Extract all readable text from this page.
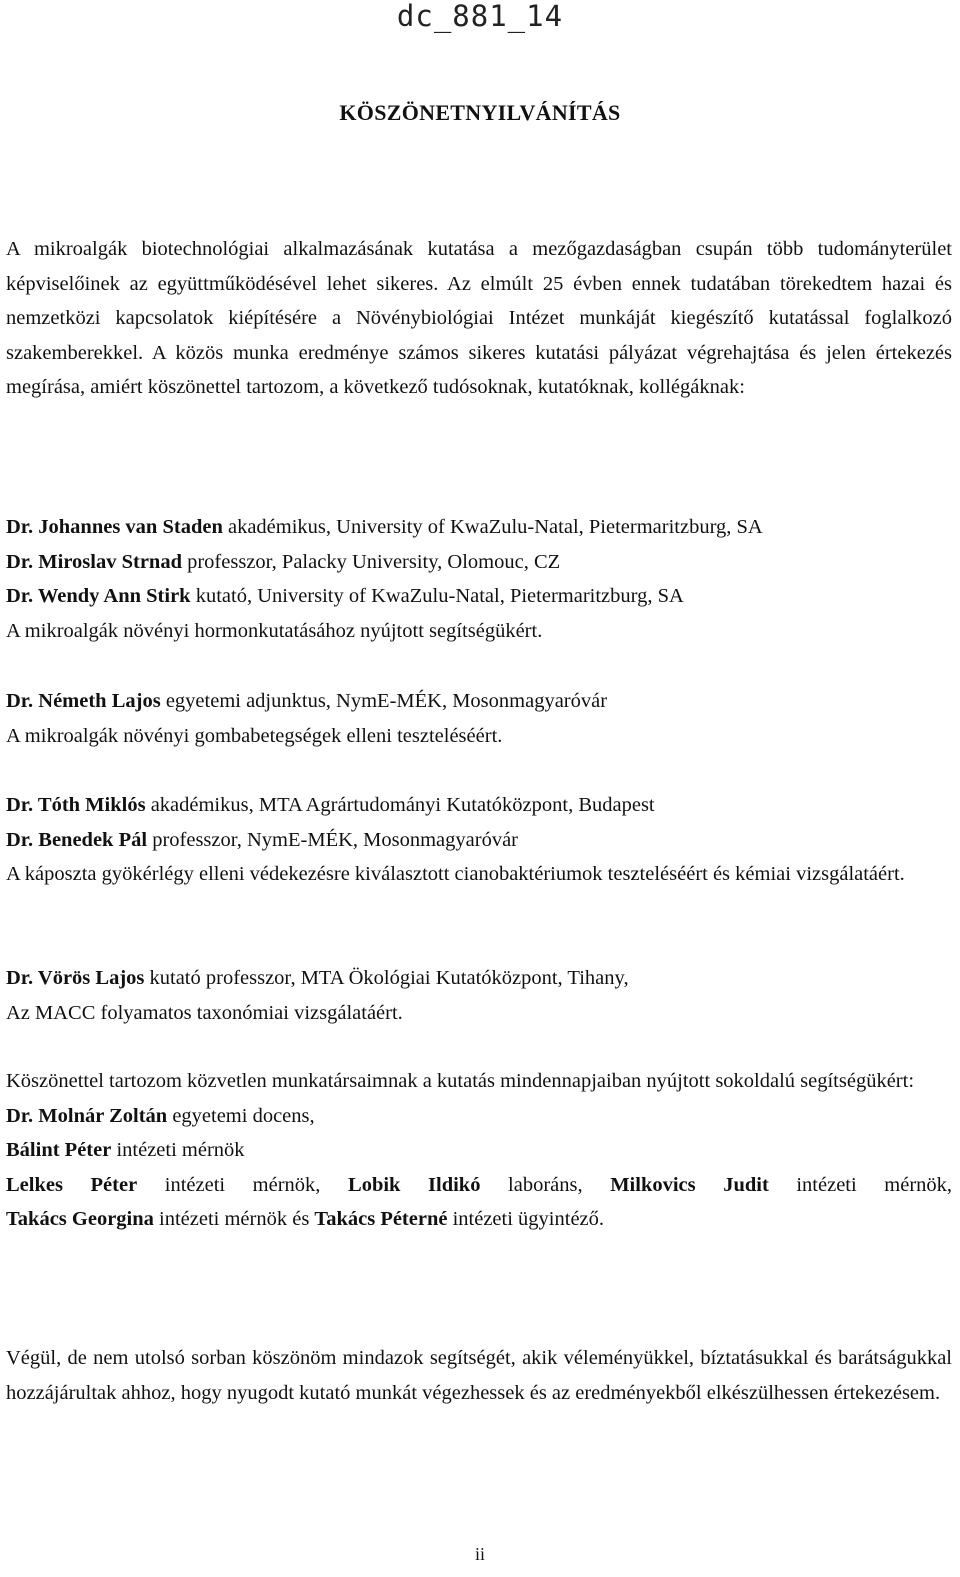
dc_881_14
KÖSZÖNETNYILVÁNÍTÁS

A mikroalgák biotechnológiai alkalmazásának kutatása a mezőgazdaságban csupán több tudományterület képviselőinek az együttműködésével lehet sikeres. Az elmúlt 25 évben ennek tudatában törekedtem hazai és nemzetközi kapcsolatok kiépítésére a Növénybiológiai Intézet munkáját kiegészítő kutatással foglalkozó szakemberekkel. A közös munka eredménye számos sikeres kutatási pályázat végrehajtása és jelen értekezés megírása, amiért köszönettel tartozom, a következő tudósoknak, kutatóknak, kollégáknak:

Dr. Johannes van Staden akadémikus, University of KwaZulu-Natal, Pietermaritzburg, SA
Dr. Miroslav Strnad professzor, Palacky University, Olomouc, CZ
Dr. Wendy Ann Stirk kutató, University of KwaZulu-Natal, Pietermaritzburg, SA
A mikroalgák növényi hormonkutatásához nyújtott segítségükért.
Dr. Németh Lajos egyetemi adjunktus, NymE-MÉK, Mosonmagyaróvár
A mikroalgák növényi gombabetegségek elleni teszteléséért.
Dr. Tóth Miklós akadémikus, MTA Agrártudományi Kutatóközpont, Budapest
Dr. Benedek Pál professzor, NymE-MÉK, Mosonmagyaróvár
A káposzta gyökérlégy elleni védekezésre kiválasztott cianobaktériumok teszteléséért és kémiai vizsgálatáért.
Dr. Vörös Lajos kutató professzor, MTA Ökológiai Kutatóközpont, Tihany,
Az MACC folyamatos taxonómiai vizsgálatáért.
Köszönettel tartozom közvetlen munkatársaimnak a kutatás mindennapjaiban nyújtott sokoldalú segítségükért:
Dr. Molnár Zoltán egyetemi docens,
Bálint Péter intézeti mérnök
Lelkes Péter intézeti mérnök, Lobik Ildikó laboráns, Milkovics Judit intézeti mérnök,
Takács Georgina intézeti mérnök és Takács Péterné intézeti ügyintéző.

Végül, de nem utolsó sorban köszönöm mindazok segítségét, akik véleményükkel, bíztatásukkal és barátságukkal hozzájárultak ahhoz, hogy nyugodt kutató munkát végezhessek és az eredményekből elkészülhessen értekezésem.

ii
